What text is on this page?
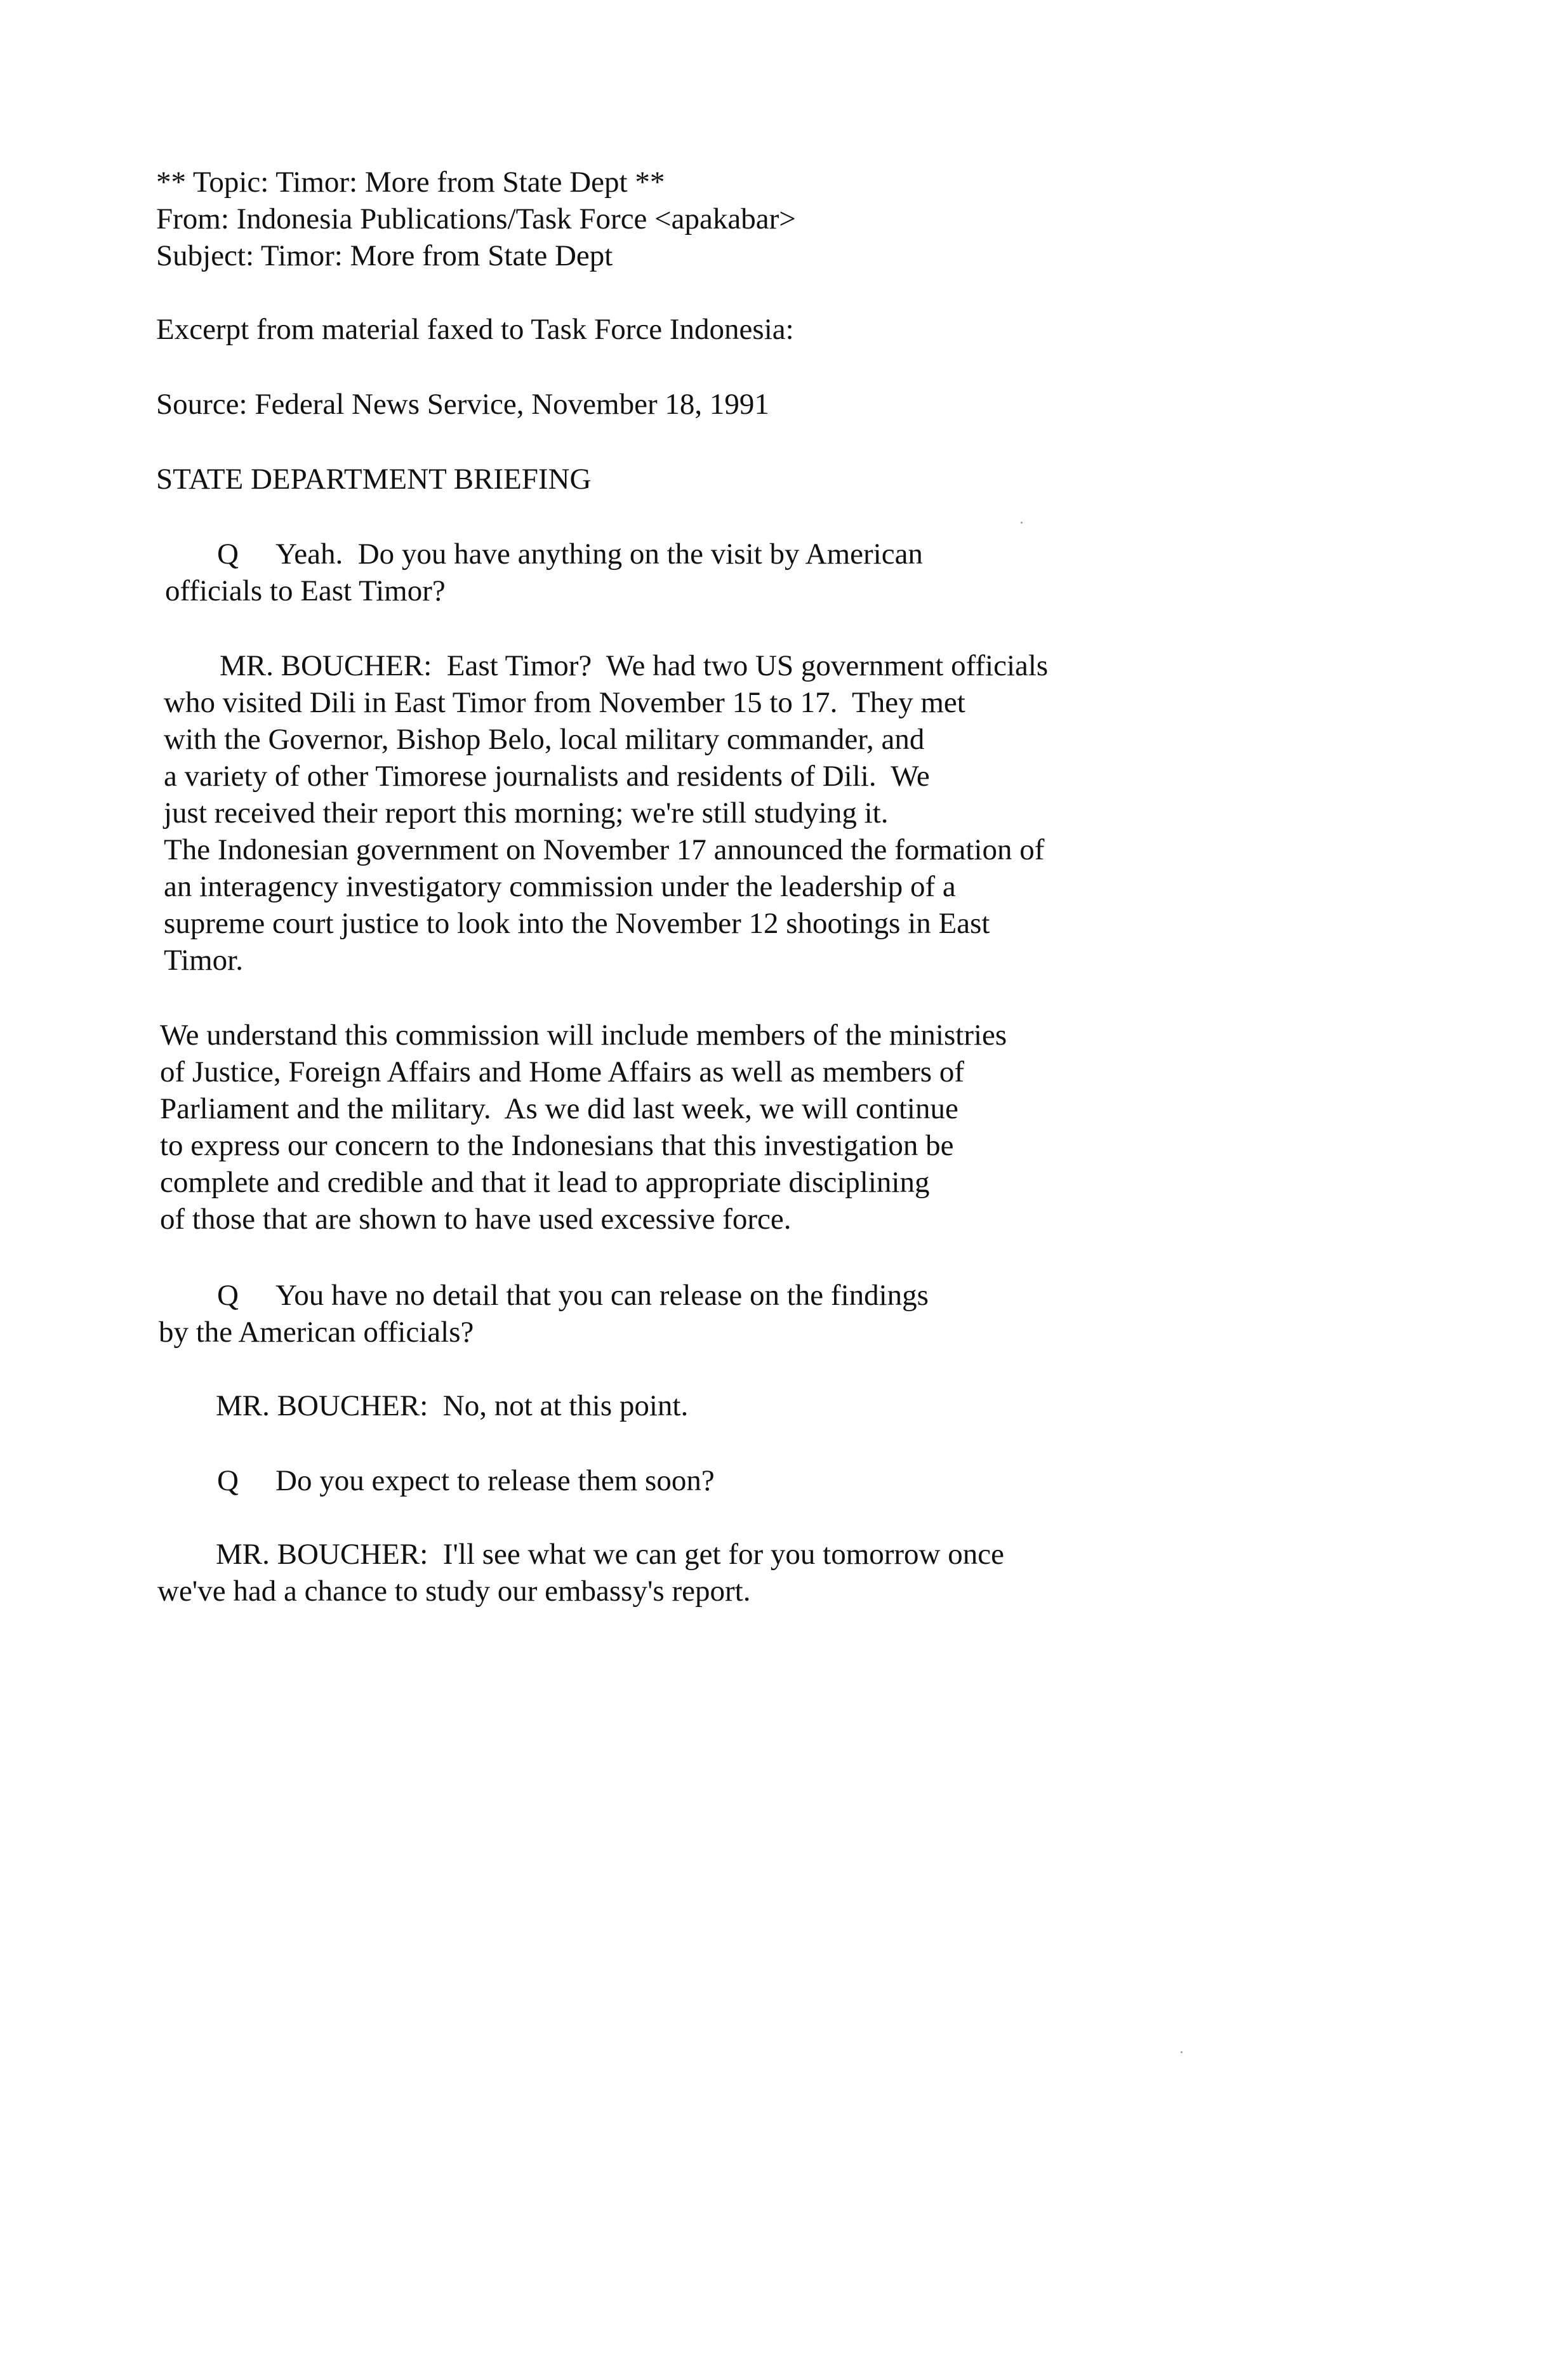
** Topic: Timor: More from State Dept **

From: Indonesia Publications/Task Force <apakabar>

Subject: Timor: More from State Dept

Excerpt from material faxed to Task Force Indonesia:

Source: Federal News Service, November 18, 1991

STATE DEPARTMENT BRIEFING

Q Yeah.  Do you have anything on the visit by American

officials to East Timor?

MR. BOUCHER:  East Timor?  We had two US government officials

who visited Dili in East Timor from November 15 to 17.  They met

with the Governor, Bishop Belo, local military commander, and

a variety of other Timorese journalists and residents of Dili.  We

just received their report this morning; we're still studying it.

The Indonesian government on November 17 announced the formation of

an interagency investigatory commission under the leadership of a

supreme court justice to look into the November 12 shootings in East

Timor.

We understand this commission will include members of the ministries

of Justice, Foreign Affairs and Home Affairs as well as members of

Parliament and the military.  As we did last week, we will continue

to express our concern to the Indonesians that this investigation be

complete and credible and that it lead to appropriate disciplining

of those that are shown to have used excessive force.

Q You have no detail that you can release on the findings

by the American officials?

MR. BOUCHER:  No, not at this point.

Q Do you expect to release them soon?

MR. BOUCHER:  I'll see what we can get for you tomorrow once

we've had a chance to study our embassy's report.
